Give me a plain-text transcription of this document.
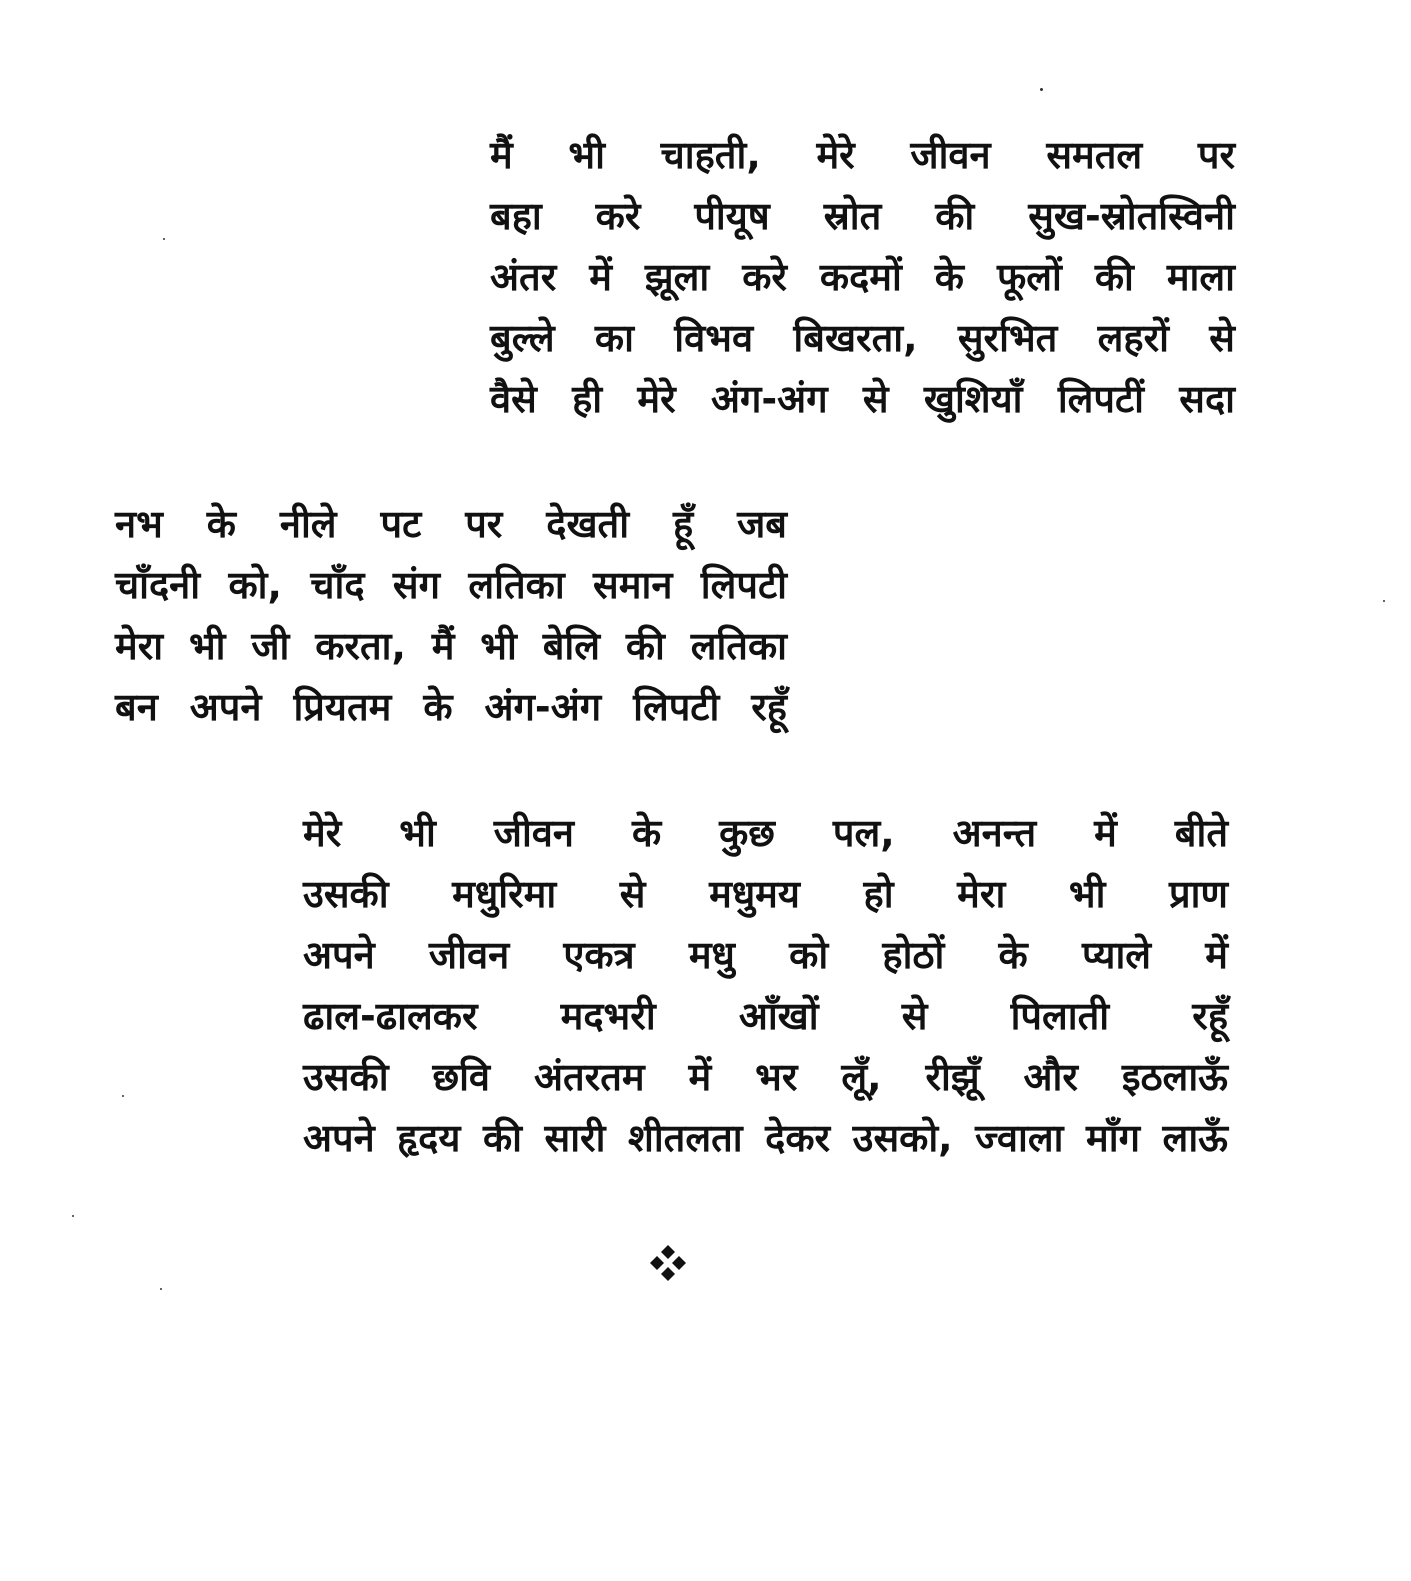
मैं भी चाहती, मेरे जीवन समतल पर
बहा करे पीयूष स्रोत की सुख-स्रोतस्विनी
अंतर में झूला करे कदमों के फूलों की माला
बुल्ले का विभव बिखरता, सुरभित लहरों से
वैसे ही मेरे अंग-अंग से खुशियाँ लिपटीं सदा
नभ के नीले पट पर देखती हूँ जब
चाँदनी को, चाँद संग लतिका समान लिपटी
मेरा भी जी करता, मैं भी बेलि की लतिका
बन अपने प्रियतम के अंग-अंग लिपटी रहूँ
मेरे भी जीवन के कुछ पल, अनन्त में बीते
उसकी मधुरिमा से मधुमय हो मेरा भी प्राण
अपने जीवन एकत्र मधु को होठों के प्याले में
ढाल-ढालकर मदभरी आँखों से पिलाती रहूँ
उसकी छवि अंतरतम में भर लूँ, रीझूँ और इठलाऊँ
अपने हृदय की सारी शीतलता देकर उसको, ज्वाला माँग लाऊँ
